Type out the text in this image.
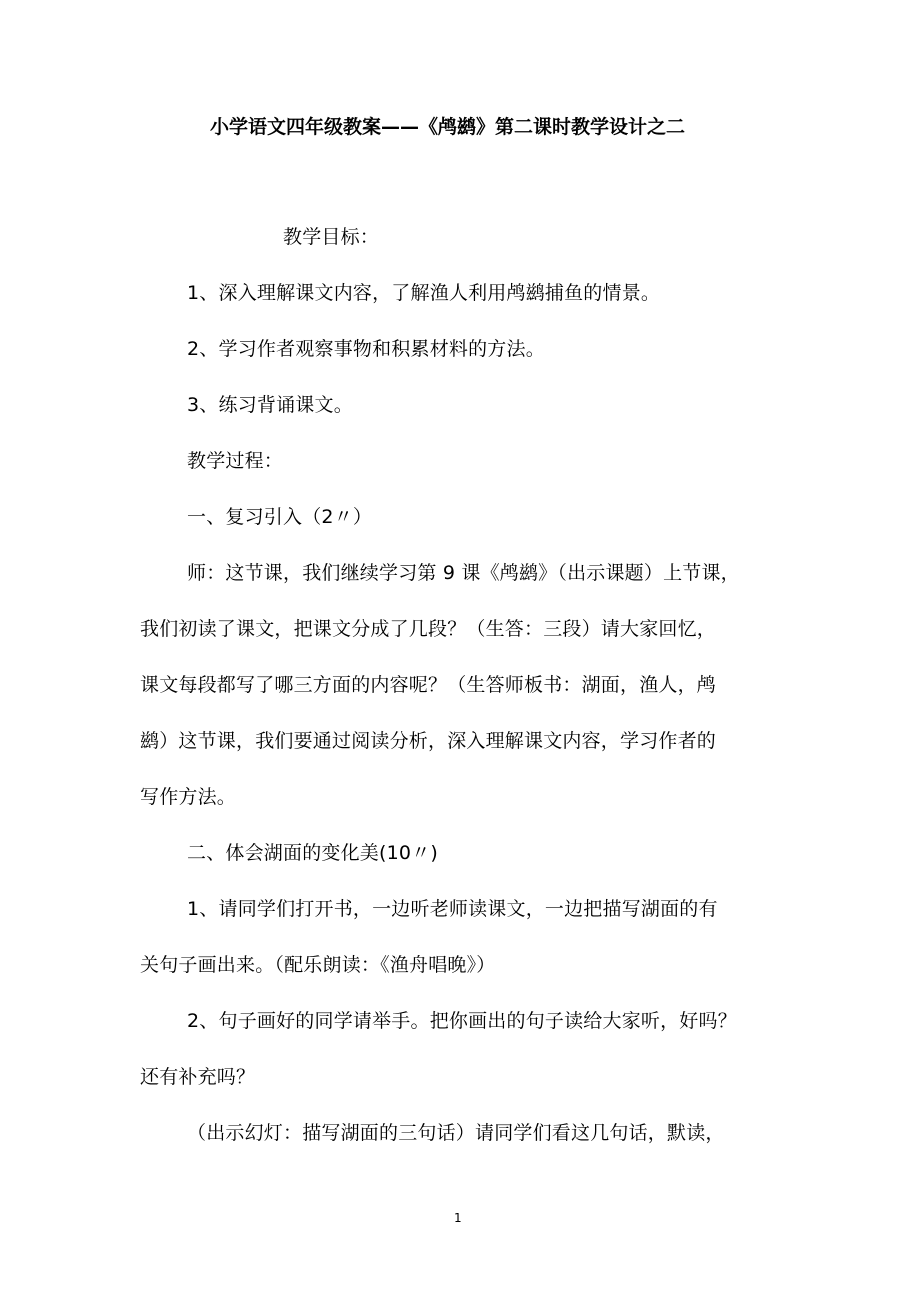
小学语文四年级教案——《鸬鹚》第二课时教学设计之二
教学目标：
1、深入理解课文内容，了解渔人利用鸬鹚捕鱼的情景。
2、学习作者观察事物和积累材料的方法。
3、练习背诵课文。
教学过程：
一、复习引入（2〃）
师：这节课，我们继续学习第 9 课《鸬鹚》（出示课题）上节课，
我们初读了课文，把课文分成了几段？（生答：三段）请大家回忆，
课文每段都写了哪三方面的内容呢？（生答师板书：湖面，渔人，鸬
鹚）这节课，我们要通过阅读分析，深入理解课文内容，学习作者的
写作方法。
二、体会湖面的变化美(10〃)
1、请同学们打开书，一边听老师读课文，一边把描写湖面的有
关句子画出来。（配乐朗读：《渔舟唱晚》）
2、句子画好的同学请举手。把你画出的句子读给大家听，好吗？
还有补充吗？
（出示幻灯：描写湖面的三句话）请同学们看这几句话，默读，
1
